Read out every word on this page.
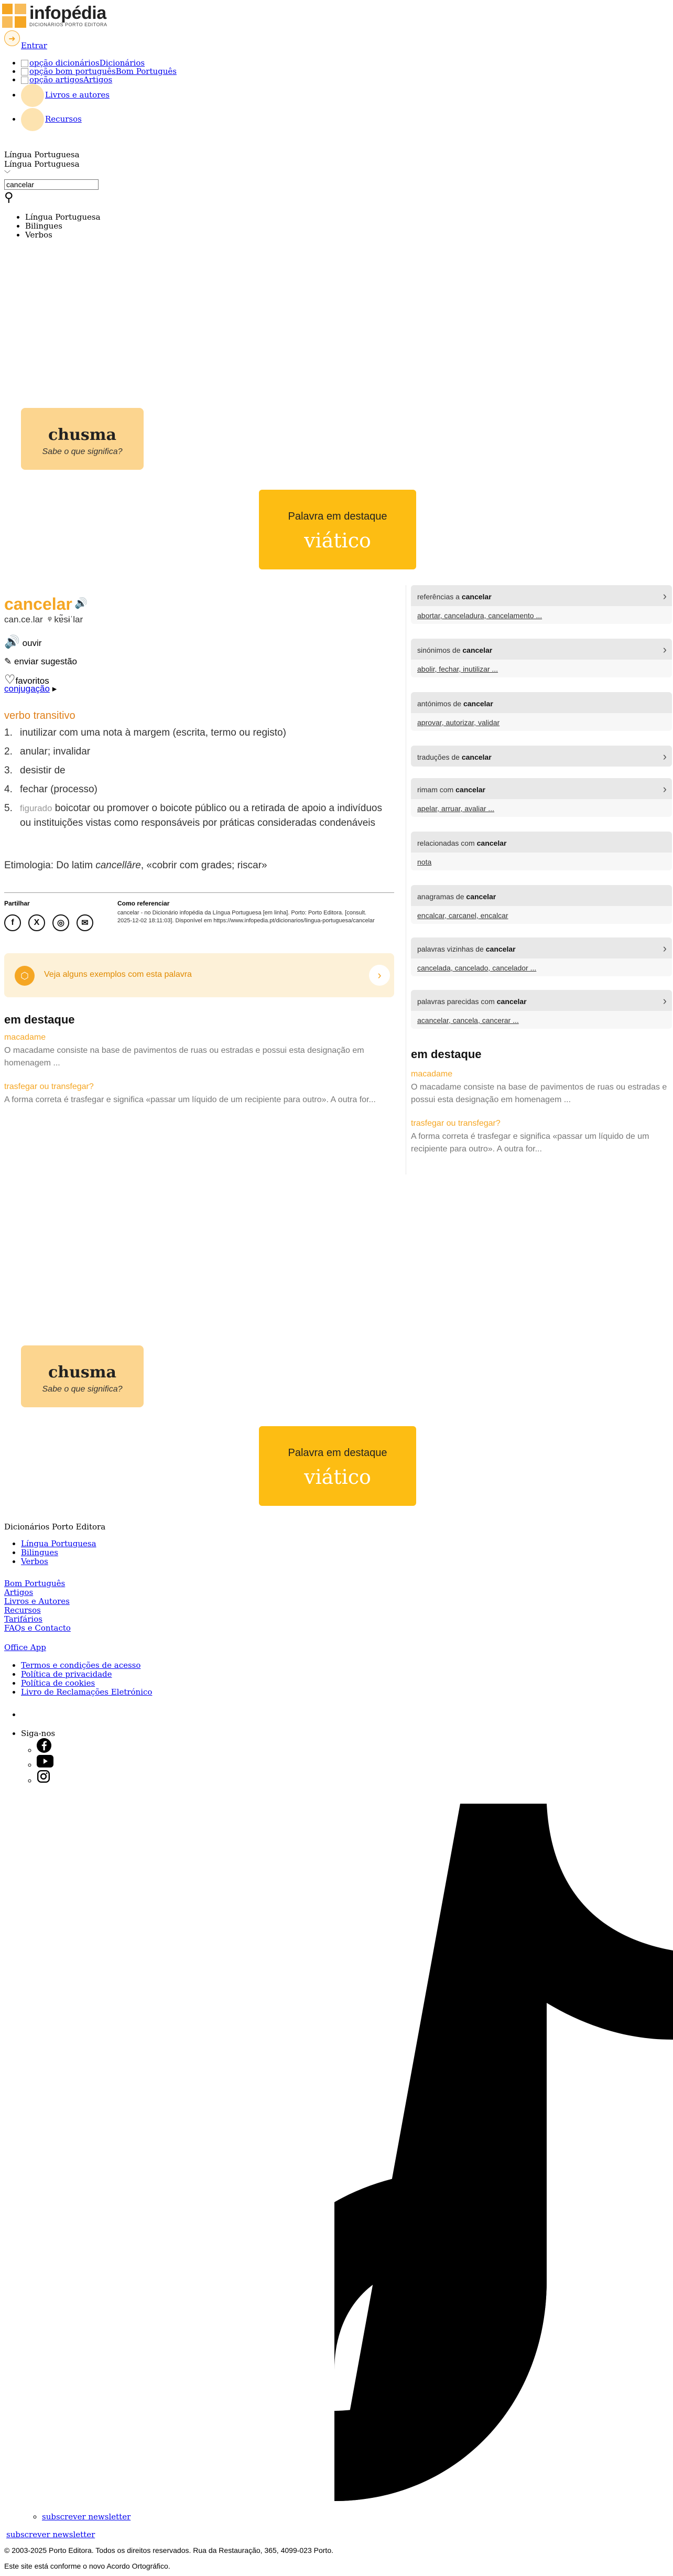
infopédia
DICIONÁRIOS PORTO EDITORA
➜
Entrar
• opção dicionáriosDicionários
• opção bom portuguêsBom Português
• opção artigosArtigos
• Livros e autores
• Recursos
Língua Portuguesa
Língua Portuguesa
﹀
cancelar
⚲
• Língua Portuguesa
• Bilingues
• Verbos
chusma
Sabe o que significa?
Palavra em destaque
viático
cancelar 🔊
can.ce.lar ᵠ kɐ̃sɨˈlar
🔊 ouvir
✎ enviar sugestão
♡favoritos
conjugação ▸
verbo transitivo
1. inutilizar com uma nota à margem (escrita, termo ou registo)
2. anular; invalidar
3. desistir de
4. fechar (processo)
5. figurado boicotar ou promover o boicote público ou a retirada de apoio a indivíduos ou instituições vistas como responsáveis por práticas consideradas condenáveis
Etimologia: Do latim cancellāre, «cobrir com grades; riscar»
Partilhar
f	X	◎	✉
Como referenciar
cancelar - no Dicionário infopédia da Língua Portuguesa [em linha]. Porto: Porto Editora. [consult. 2025-12-02 18:11:03]. Disponível em https://www.infopedia.pt/dicionarios/lingua-portuguesa/cancelar
⬡	Veja alguns exemplos com esta palavra	›
em destaque
macadame
O macadame consiste na base de pavimentos de ruas ou estradas e possui esta designação em homenagem ...
trasfegar ou transfegar?
A forma correta é trasfegar e significa «passar um líquido de um recipiente para outro». A outra for...
referências a cancelar	›
abortar, canceladura, cancelamento ...
sinónimos de cancelar	›
abolir, fechar, inutilizar ...
antónimos de cancelar
aprovar, autorizar, validar
traduções de cancelar	›
rimam com cancelar	›
apelar, arruar, avaliar ...
relacionadas com cancelar
nota
anagramas de cancelar
encalcar, carcanel, encalcar
palavras vizinhas de cancelar	›
cancelada, cancelado, cancelador ...
palavras parecidas com cancelar	›
acancelar, cancela, cancerar ...
em destaque
macadame
O macadame consiste na base de pavimentos de ruas ou estradas e possui esta designação em homenagem ...
trasfegar ou transfegar?
A forma correta é trasfegar e significa «passar um líquido de um recipiente para outro». A outra for...
chusma
Sabe o que significa?
Palavra em destaque
viático
Dicionários Porto Editora
• Língua Portuguesa
• Bilingues
• Verbos
Bom Português
Artigos
Livros e Autores
Recursos
Tarifários
FAQs e Contacto
Office App
• Termos e condições de acesso
• Política de privacidade
• Política de cookies
• Livro de Reclamações Eletrónico
• Siga-nos
◦
◦
◦
◦ subscrever newsletter
subscrever newsletter
© 2003-2025 Porto Editora. Todos os direitos reservados. Rua da Restauração, 365, 4099-023 Porto.
Este site está conforme o novo Acordo Ortográfico.
